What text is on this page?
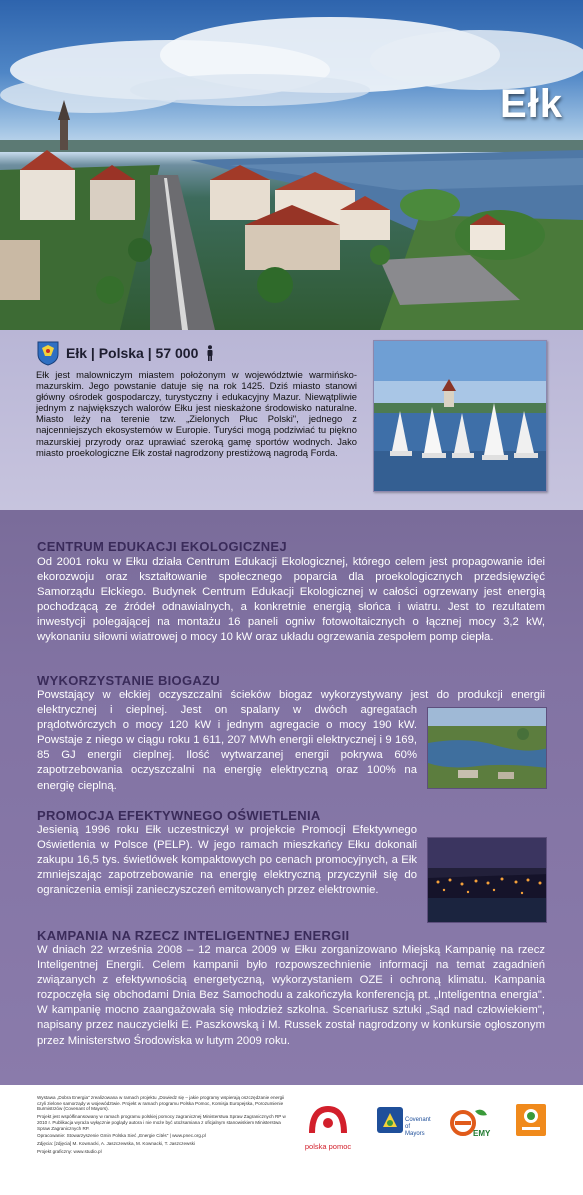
Ełk
Ełk | Polska | 57 000
Ełk jest malowniczym miastem położonym w województwie warmińsko-mazurskim. Jego powstanie datuje się na rok 1425. Dziś miasto stanowi główny ośrodek gospodarczy, turystyczny i edukacyjny Mazur. Niewątpliwie jednym z największych walorów Ełku jest nieskażone środowisko naturalne. Miasto leży na terenie tzw. „Zielonych Płuc Polski", jednego z najcenniejszych ekosystemów w Europie. Turyści mogą podziwiać tu piękno mazurskiej przyrody oraz uprawiać szeroką gamę sportów wodnych. Jako miasto proekologiczne Ełk został nagrodzony prestiżową nagrodą Forda.
CENTRUM EDUKACJI EKOLOGICZNEJ
Od 2001 roku w Ełku działa Centrum Edukacji Ekologicznej, którego celem jest propagowanie idei ekorozwoju oraz kształtowanie społecznego poparcia dla proekologicznych przedsięwzięć Samorządu Ełckiego. Budynek Centrum Edukacji Ekologicznej w całości ogrzewany jest energią pochodzącą ze źródeł odnawialnych, a konkretnie energią słońca i wiatru. Jest to rezultatem inwestycji polegającej na montażu 16 paneli ogniw fotowoltaicznych o łącznej mocy 3,2 kW, wykonaniu siłowni wiatrowej o mocy 10 kW oraz układu ogrzewania zespołem pomp ciepła.
WYKORZYSTANIE BIOGAZU
Powstający w ełckiej oczyszczalni ścieków biogaz wykorzystywany jest do produkcji energii elektrycznej i cieplnej. Jest on spalany w dwóch agregatach prądotwórczych o mocy 120 kW i jednym agregacie o mocy 190 kW. Powstaje z niego w ciągu roku 1 611, 207 MWh energii elektrycznej i 9 169, 85 GJ energii cieplnej. Ilość wytwarzanej energii pokrywa 60% zapotrzebowania oczyszczalni na energię elektryczną oraz 100% na energię cieplną.
PROMOCJA EFEKTYWNEGO OŚWIETLENIA
Jesienią 1996 roku Ełk uczestniczył w projekcie Promocji Efektywnego Oświetlenia w Polsce (PELP). W jego ramach mieszkańcy Ełku dokonali zakupu 16,5 tys. świetlówek kompaktowych po cenach promocyjnych, a Ełk zmniejszając zapotrzebowanie na energię elektryczną przyczynił się do ograniczenia emisji zanieczyszczeń emitowanych przez elektrownie.
KAMPANIA NA RZECZ INTELIGENTNEJ ENERGII
W dniach 22 września 2008 – 12 marca 2009 w Ełku zorganizowano Miejską Kampanię na rzecz Inteligentnej Energii. Celem kampanii było rozpowszechnienie informacji na temat zagadnień związanych z efektywnością energetyczną, wykorzystaniem OZE i ochroną klimatu. Kampania rozpoczęła się obchodami Dnia Bez Samochodu a zakończyła konferencją pt. „Inteligentna energia". W kampanię mocno zaangażowała się młodzież szkolna. Scenariusz sztuki „Sąd nad człowiekiem", napisany przez nauczycielki E. Paszkowską i M. Russek został nagrodzony w konkursie ogłoszonym przez Ministerstwo Środowiska w lutym 2009 roku.

Wystawa „Dobra Energia" zrealizowana w ramach projektu „Dowiedz się – jakie programy wspierają oszczędzanie energii czyli zielone samorządy w województwie. Projekt w ramach programu Polska Pomoc, Komisja Europejska, Porozumienie Burmistrzów (Covenant of Mayors).

Projekt jest współfinansowany w ramach programu polskiej pomocy zagranicznej Ministerstwa Spraw Zagranicznych RP w 2010 r. Publikacja wyraża wyłącznie poglądy autora i nie może być utożsamiana z oficjalnym stanowiskiem Ministerstwa Spraw Zagranicznych RP.

Opracowanie: Stowarzyszenie Gmin Polska Sieć „Energie Cités" | www.pnec.org.pl

Zdjęcia: [zdjęcia] M. Kownacki, A. Jaszczewska, M. Kownacki, T. Jaszczewski

Projekt graficzny: www.studio.pl

polska pomoc
Covenant
of Mayors	EMY
